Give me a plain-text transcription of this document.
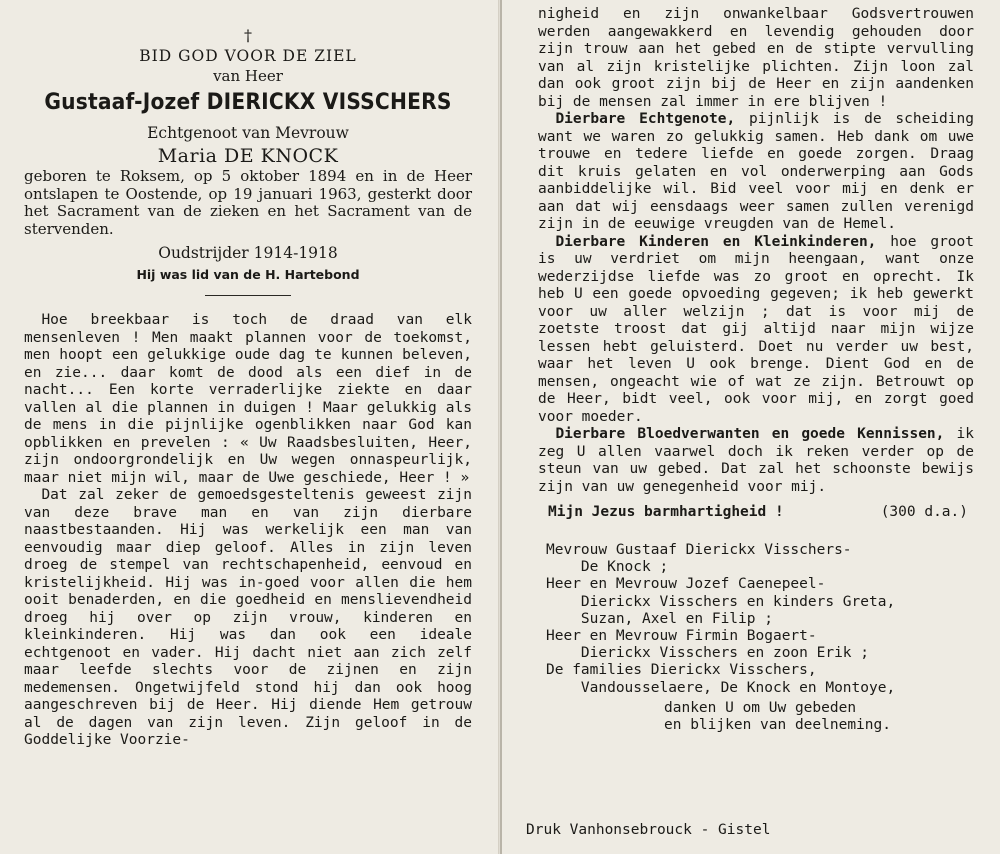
†
BID GOD VOOR DE ZIEL
van Heer
Gustaaf-Jozef DIERICKX VISSCHERS
Echtgenoot van Mevrouw
Maria DE KNOCK
geboren te Roksem, op 5 oktober 1894 en in de Heer ontslapen te Oostende, op 19 januari 1963, gesterkt door het Sacrament van de zieken en het Sacrament van de stervenden.
Oudstrijder 1914-1918
Hij was lid van de H. Hartebond

Hoe breekbaar is toch de draad van elk mensenleven ! Men maakt plannen voor de toekomst, men hoopt een gelukkige oude dag te kunnen beleven, en zie... daar komt de dood als een dief in de nacht... Een korte verraderlijke ziekte en daar vallen al die plannen in duigen ! Maar gelukkig als de mens in die pijnlijke ogenblikken naar God kan opblikken en prevelen : « Uw Raadsbesluiten, Heer, zijn ondoorgrondelijk en Uw wegen onnaspeurlijk, maar niet mijn wil, maar de Uwe geschiede, Heer ! »

Dat zal zeker de gemoedsgesteltenis geweest zijn van deze brave man en van zijn dierbare naastbestaanden. Hij was werkelijk een man van eenvoudig maar diep geloof. Alles in zijn leven droeg de stempel van rechtschapenheid, eenvoud en kristelijkheid. Hij was in-goed voor allen die hem ooit benaderden, en die goedheid en menslievendheid droeg hij over op zijn vrouw, kinderen en kleinkinderen. Hij was dan ook een ideale echtgenoot en vader. Hij dacht niet aan zich zelf maar leefde slechts voor de zijnen en zijn medemensen. Ongetwijfeld stond hij dan ook hoog aangeschreven bij de Heer. Hij diende Hem getrouw al de dagen van zijn leven. Zijn geloof in de Goddelijke Voorzie-

nigheid en zijn onwankelbaar Godsvertrouwen werden aangewakkerd en levendig gehouden door zijn trouw aan het gebed en de stipte vervulling van al zijn kristelijke plichten. Zijn loon zal dan ook groot zijn bij de Heer en zijn aandenken bij de mensen zal immer in ere blijven !

Dierbare Echtgenote, pijnlijk is de scheiding want we waren zo gelukkig samen. Heb dank om uwe trouwe en tedere liefde en goede zorgen. Draag dit kruis gelaten en vol onderwerping aan Gods aanbiddelijke wil. Bid veel voor mij en denk er aan dat wij eensdaags weer samen zullen verenigd zijn in de eeuwige vreugden van de Hemel.

Dierbare Kinderen en Kleinkinderen, hoe groot is uw verdriet om mijn heengaan, want onze wederzijdse liefde was zo groot en oprecht. Ik heb U een goede opvoeding gegeven; ik heb gewerkt voor uw aller welzijn ; dat is voor mij de zoetste troost dat gij altijd naar mijn wijze lessen hebt geluisterd. Doet nu verder uw best, waar het leven U ook brenge. Dient God en de mensen, ongeacht wie of wat ze zijn. Betrouwt op de Heer, bidt veel, ook voor mij, en zorgt goed voor moeder.

Dierbare Bloedverwanten en goede Kennissen, ik zeg U allen vaarwel doch ik reken verder op de steun van uw gebed. Dat zal het schoonste bewijs zijn van uw genegenheid voor mij.

Mijn Jezus barmhartigheid !	(300 d.a.)
Mevrouw Gustaaf Dierickx Visschers-
De Knock ;
Heer en Mevrouw Jozef Caenepeel-
Dierickx Visschers en kinders Greta,
Suzan, Axel en Filip ;
Heer en Mevrouw Firmin Bogaert-
Dierickx Visschers en zoon Erik ;
De families Dierickx Visschers,
Vandousselaere, De Knock en Montoye,
danken U om Uw gebeden
en blijken van deelneming.
Druk Vanhonsebrouck - Gistel
